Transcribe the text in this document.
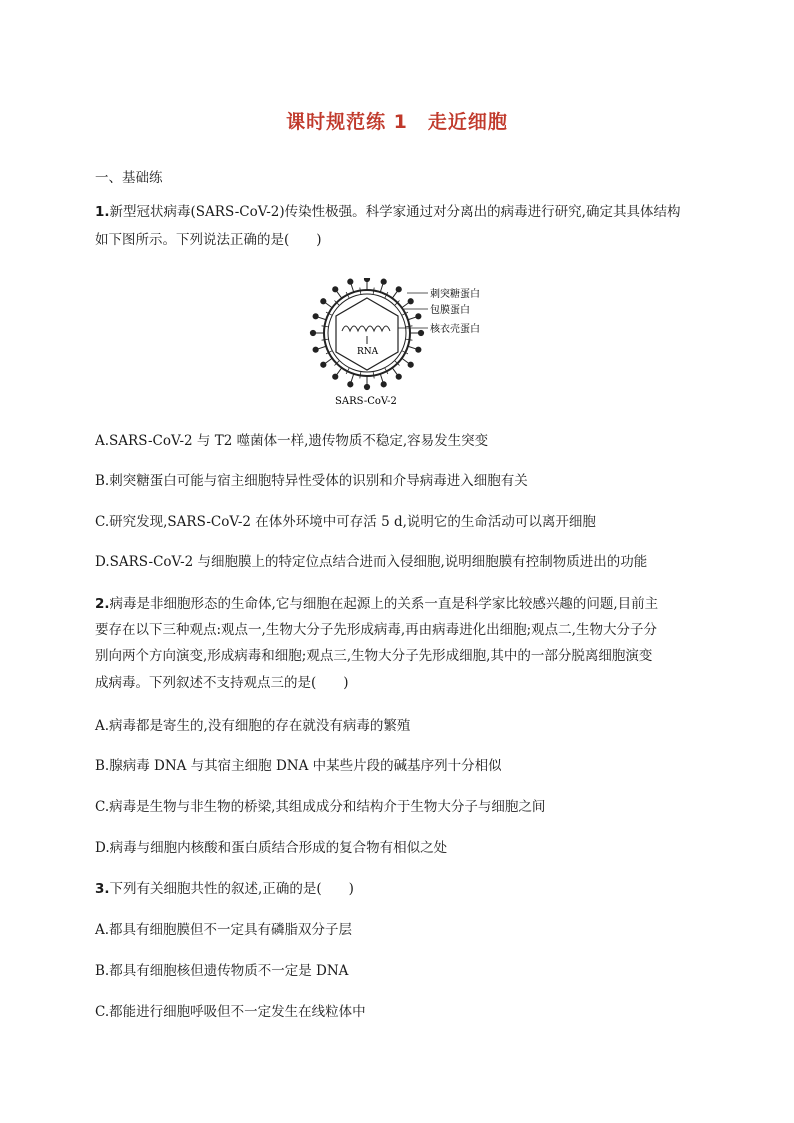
课时规范练 1 走近细胞
一、基础练
1.新型冠状病毒(SARS-CoV-2)传染性极强。科学家通过对分离出的病毒进行研究,确定其具体结构
如下图所示。下列说法正确的是(　　)
RNA
刺突糖蛋白
包膜蛋白
核衣壳蛋白
SARS-CoV-2
A.SARS-CoV-2 与 T2 噬菌体一样,遗传物质不稳定,容易发生突变
B.刺突糖蛋白可能与宿主细胞特异性受体的识别和介导病毒进入细胞有关
C.研究发现,SARS-CoV-2 在体外环境中可存活 5 d,说明它的生命活动可以离开细胞
D.SARS-CoV-2 与细胞膜上的特定位点结合进而入侵细胞,说明细胞膜有控制物质进出的功能
2.病毒是非细胞形态的生命体,它与细胞在起源上的关系一直是科学家比较感兴趣的问题,目前主
要存在以下三种观点:观点一,生物大分子先形成病毒,再由病毒进化出细胞;观点二,生物大分子分
别向两个方向演变,形成病毒和细胞;观点三,生物大分子先形成细胞,其中的一部分脱离细胞演变
成病毒。下列叙述不支持观点三的是(　　)
A.病毒都是寄生的,没有细胞的存在就没有病毒的繁殖
B.腺病毒 DNA 与其宿主细胞 DNA 中某些片段的碱基序列十分相似
C.病毒是生物与非生物的桥梁,其组成成分和结构介于生物大分子与细胞之间
D.病毒与细胞内核酸和蛋白质结合形成的复合物有相似之处
3.下列有关细胞共性的叙述,正确的是(　　)
A.都具有细胞膜但不一定具有磷脂双分子层
B.都具有细胞核但遗传物质不一定是 DNA
C.都能进行细胞呼吸但不一定发生在线粒体中
